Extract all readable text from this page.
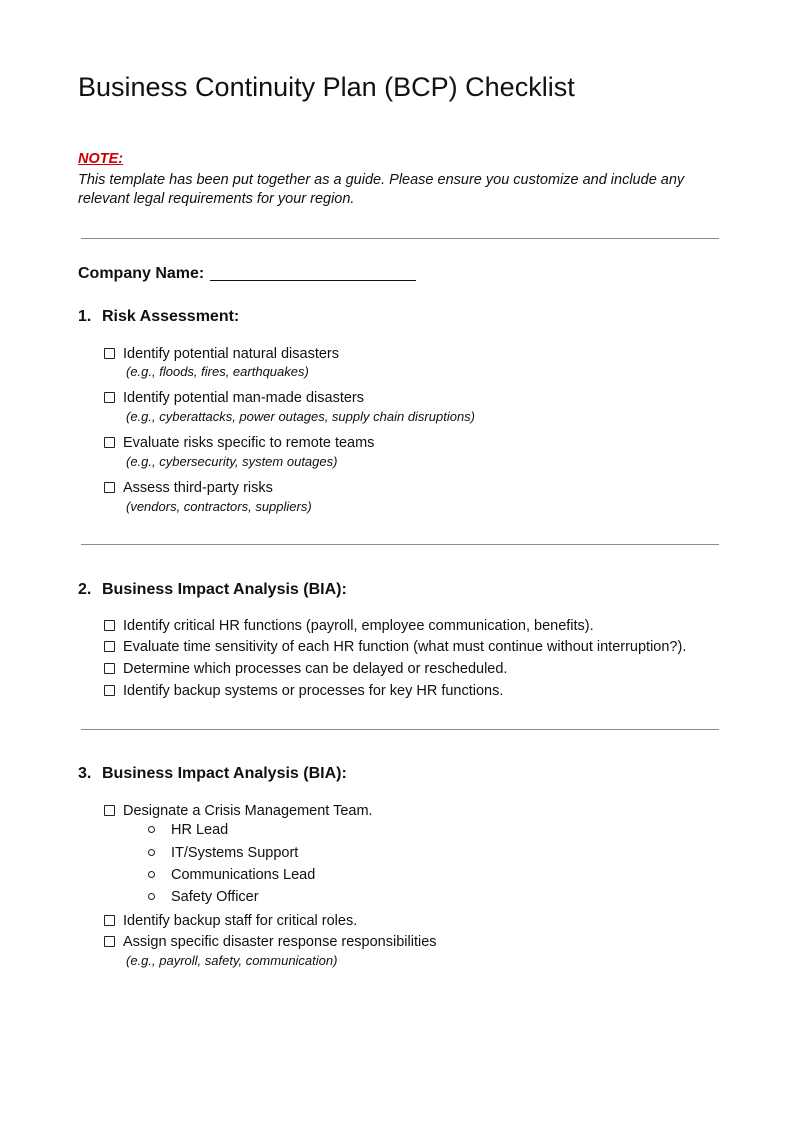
Business Continuity Plan (BCP) Checklist
NOTE:
This template has been put together as a guide. Please ensure you customize and include any
relevant legal requirements for your region.
Company Name:
1. Risk Assessment:
Identify potential natural disasters
(e.g., floods, fires, earthquakes)
Identify potential man-made disasters
(e.g., cyberattacks, power outages, supply chain disruptions)
Evaluate risks specific to remote teams
(e.g., cybersecurity, system outages)
Assess third-party risks
(vendors, contractors, suppliers)
2. Business Impact Analysis (BIA):
Identify critical HR functions (payroll, employee communication, benefits).
Evaluate time sensitivity of each HR function (what must continue without interruption?).
Determine which processes can be delayed or rescheduled.
Identify backup systems or processes for key HR functions.
3. Business Impact Analysis (BIA):
Designate a Crisis Management Team.
HR Lead
IT/Systems Support
Communications Lead
Safety Officer
Identify backup staff for critical roles.
Assign specific disaster response responsibilities
(e.g., payroll, safety, communication)
